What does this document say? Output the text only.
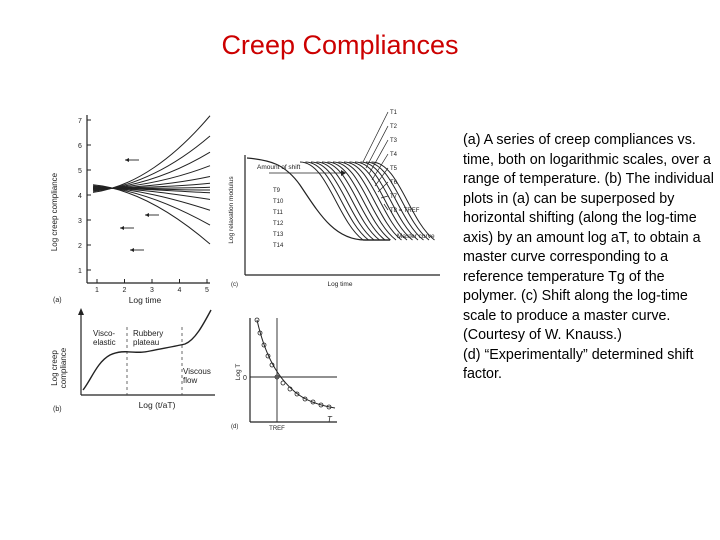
Creep Compliances
1
2
3
4
5
6
7
1	2	3	4	5
Log creep compliance
Log time
(a)
Log creep compliance
Visco-
elastic
Rubbery
plateau
Viscous
flow
Log (t/aT)
(b)
T1
T2
T3
T4
T5
T6
T7
T8 = TREF
T9
T10
T11
T12
T13
T14
Log relaxation modulus
Amount of shift
Master curve
Log time
(c)
Log T 0
TREF
T
(d)

(a) A series of creep compliances vs. time, both on logarithmic scales, over a range of temperature. (b) The individual plots in (a) can be superposed by horizontal shifting (along the log-time axis) by an amount log aT, to obtain a master curve corresponding to a reference temperature Tg of the polymer. (c) Shift along the log-time scale to produce a master curve.

(Courtesy of W. Knauss.)

(d) “Experimentally” determined shift factor.
